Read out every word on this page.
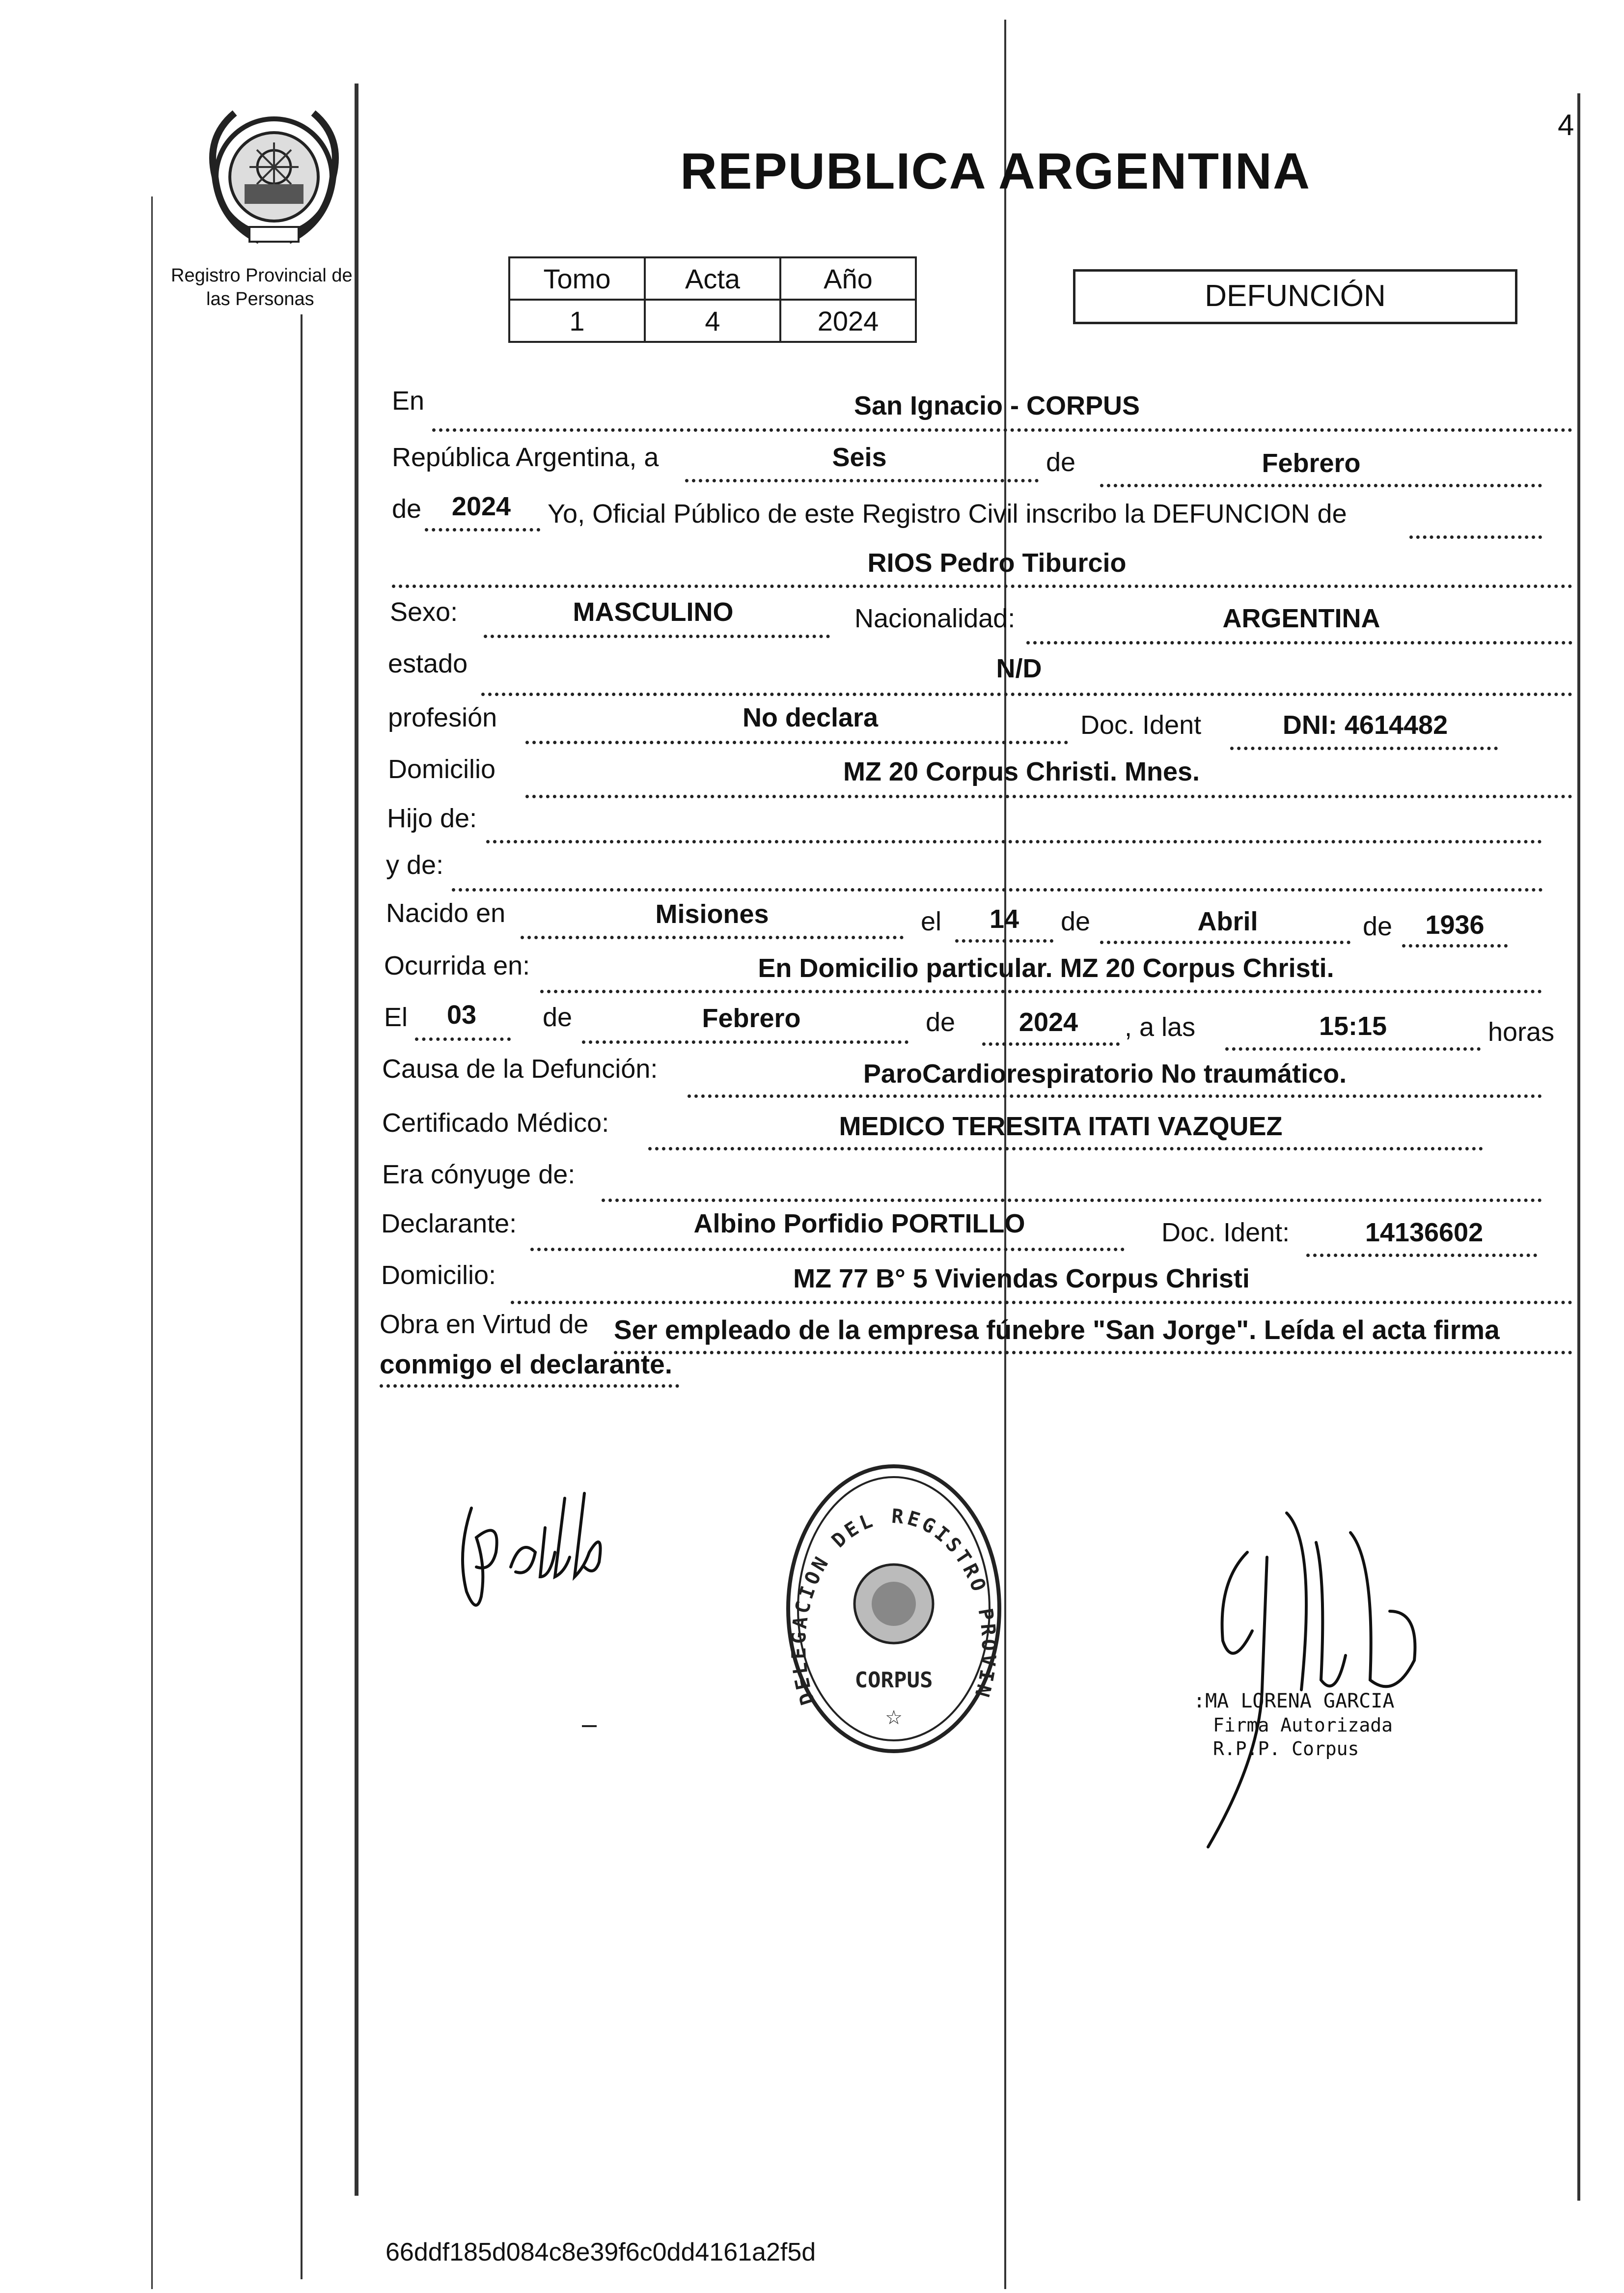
Registro Provincial de
las Personas
REPUBLICA ARGENTINA
4
Tomo	Acta	Año
1	4	2024
DEFUNCIÓN
En	San Ignacio - CORPUS
República Argentina, a	Seis	de	Febrero
de	2024	Yo, Oficial Público de este Registro Civil inscribo la DEFUNCION de
RIOS Pedro Tiburcio
Sexo:	MASCULINO	Nacionalidad:	ARGENTINA
estado	N/D
profesión	No declara	Doc. Ident	DNI: 4614482
Domicilio	MZ 20 Corpus Christi. Mnes.
Hijo de:
y de:
Nacido en	Misiones	el	14	de	Abril	de	1936
Ocurrida en:	En Domicilio particular. MZ 20 Corpus Christi.
El	03	de	Febrero	de	2024	, a las	15:15	horas
Causa de la Defunción:	ParoCardiorespiratorio No traumático.
Certificado Médico:	MEDICO TERESITA ITATI VAZQUEZ
Era cónyuge de:
Declarante:	Albino Porfidio PORTILLO	Doc. Ident:	14136602
Domicilio:	MZ 77 B° 5 Viviendas Corpus Christi
Obra en Virtud de Ser empleado de la empresa fúnebre "San Jorge". Leída el acta firma
conmigo el declarante.
DELEGACION DEL REGISTRO PROVIN
CORPUS
☆
:MA LORENA GARCIA
Firma Autorizada
R.P.P. Corpus
66ddf185d084c8e39f6c0dd4161a2f5d
